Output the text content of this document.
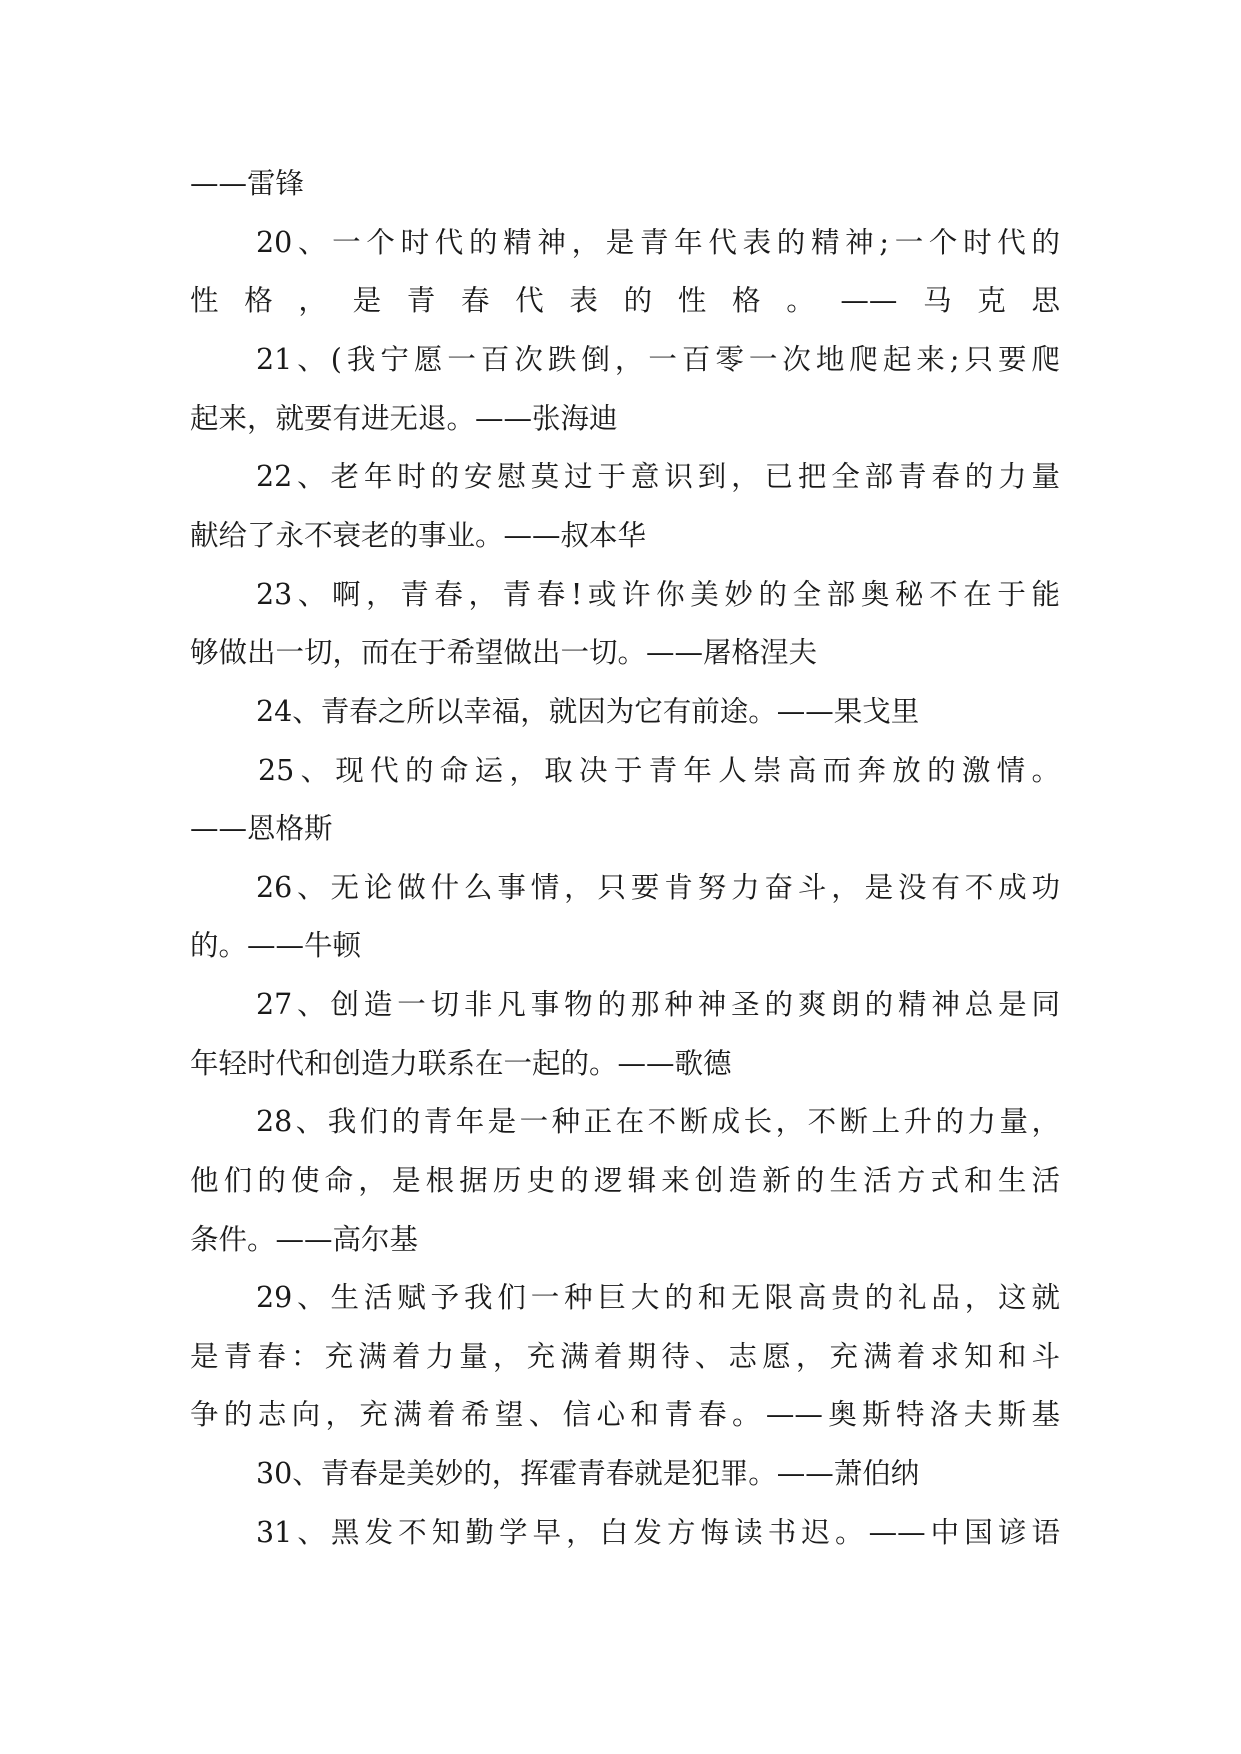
——雷锋
20、一个时代的精神，是青年代表的精神;一个时代的
性格，是青春代表的性格。——马克思
21、(我宁愿一百次跌倒，一百零一次地爬起来;只要爬
起来，就要有进无退。——张海迪
22、老年时的安慰莫过于意识到，已把全部青春的力量
献给了永不衰老的事业。——叔本华
23、啊，青春，青春!或许你美妙的全部奥秘不在于能
够做出一切，而在于希望做出一切。——屠格涅夫
24、青春之所以幸福，就因为它有前途。——果戈里
25、现代的命运，取决于青年人崇高而奔放的激情。
——恩格斯
26、无论做什么事情，只要肯努力奋斗，是没有不成功
的。——牛顿
27、创造一切非凡事物的那种神圣的爽朗的精神总是同
年轻时代和创造力联系在一起的。——歌德
28、我们的青年是一种正在不断成长，不断上升的力量，
他们的使命，是根据历史的逻辑来创造新的生活方式和生活
条件。——高尔基
29、生活赋予我们一种巨大的和无限高贵的礼品，这就
是青春：充满着力量，充满着期待、志愿，充满着求知和斗
争的志向，充满着希望、信心和青春。——奥斯特洛夫斯基
30、青春是美妙的，挥霍青春就是犯罪。——萧伯纳
31、黑发不知勤学早，白发方悔读书迟。——中国谚语
